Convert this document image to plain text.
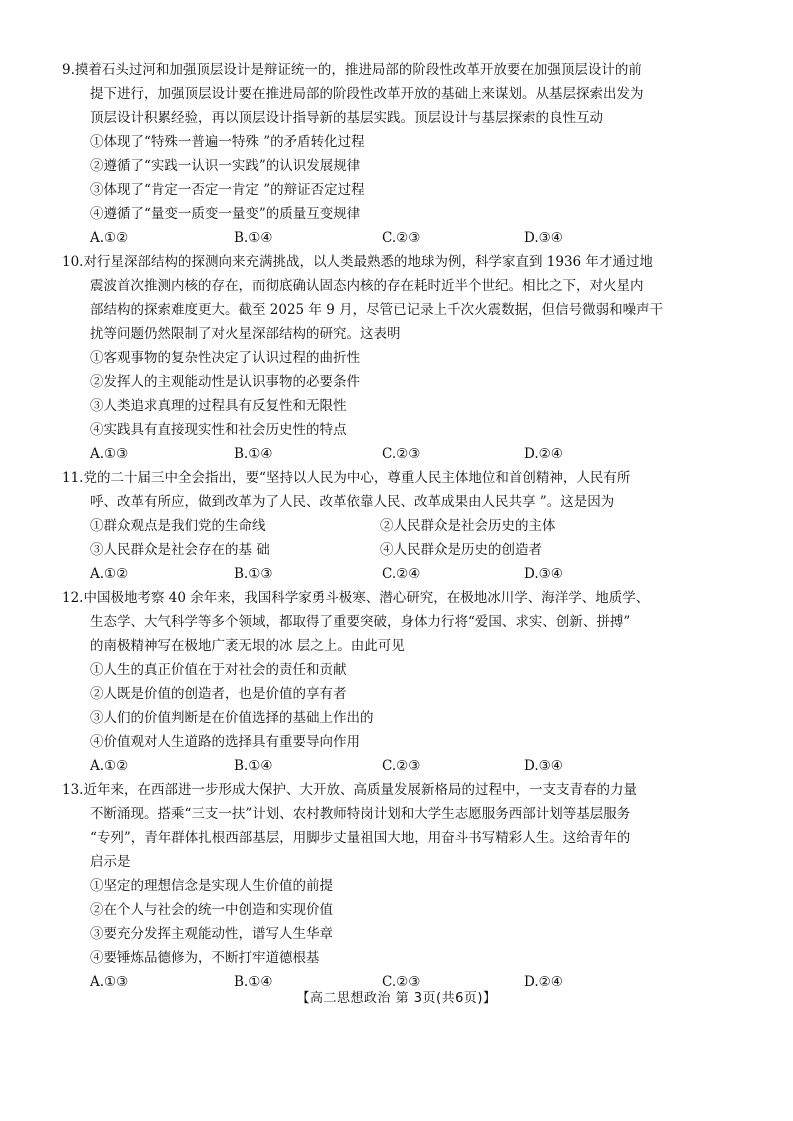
9.摸着石头过河和加强顶层设计是辩证统一的，推进局部的阶段性改革开放要在加强顶层设计的前
提下进行，加强顶层设计要在推进局部的阶段性改革开放的基础上来谋划。从基层探索出发为
顶层设计积累经验，再以顶层设计指导新的基层实践。顶层设计与基层探索的良性互动
①体现了“特殊一普遍一特殊 ”的矛盾转化过程
②遵循了“实践一认识一实践”的认识发展规律
③体现了“肯定一否定一肯定 ”的辩证否定过程
④遵循了“量变一质变一量变”的质量互变规律
A.①②	B.①④	C.②③	D.③④
10.对行星深部结构的探测向来充满挑战，以人类最熟悉的地球为例，科学家直到 1936 年才通过地
震波首次推测内核的存在，而彻底确认固态内核的存在耗时近半个世纪。相比之下，对火星内
部结构的探索难度更大。截至 2025 年 9 月，尽管已记录上千次火震数据，但信号微弱和噪声干
扰等问题仍然限制了对火星深部结构的研究。这表明
①客观事物的复杂性决定了认识过程的曲折性
②发挥人的主观能动性是认识事物的必要条件
③人类追求真理的过程具有反复性和无限性
④实践具有直接现实性和社会历史性的特点
A.①③	B.①④	C.②③	D.②④
11.党的二十届三中全会指出，要“坚持以人民为中心，尊重人民主体地位和首创精神，人民有所
呼、改革有所应，做到改革为了人民、改革依靠人民、改革成果由人民共享 ”。这是因为
①群众观点是我们党的生命线	②人民群众是社会历史的主体
③人民群众是社会存在的基 础	④人民群众是历史的创造者
A.①②	B.①③	C.②④	D.③④
12.中国极地考察 40 余年来，我国科学家勇斗极寒、潜心研究，在极地冰川学、海洋学、地质学、
生态学、大气科学等多个领域，都取得了重要突破，身体力行将“爱国、求实、创新、拼搏”
的南极精神写在极地广袤无垠的冰 层之上。由此可见
①人生的真正价值在于对社会的责任和贡献
②人既是价值的创造者，也是价值的享有者
③人们的价值判断是在价值选择的基础上作出的
④价值观对人生道路的选择具有重要导向作用
A.①②	B.①④	C.②③	D.③④
13.近年来，在西部进一步形成大保护、大开放、高质量发展新格局的过程中，一支支青春的力量
不断涌现。搭乘“三支一扶”计划、农村教师特岗计划和大学生志愿服务西部计划等基层服务
“专列”，青年群体扎根西部基层，用脚步丈量祖国大地，用奋斗书写精彩人生。这给青年的
启示是
①坚定的理想信念是实现人生价值的前提
②在个人与社会的统一中创造和实现价值
③要充分发挥主观能动性，谱写人生华章
④要锤炼品德修为，不断打牢道德根基
A.①③	B.①④	C.②③	D.②④
【高二思想政治 第 3页(共6页)】
